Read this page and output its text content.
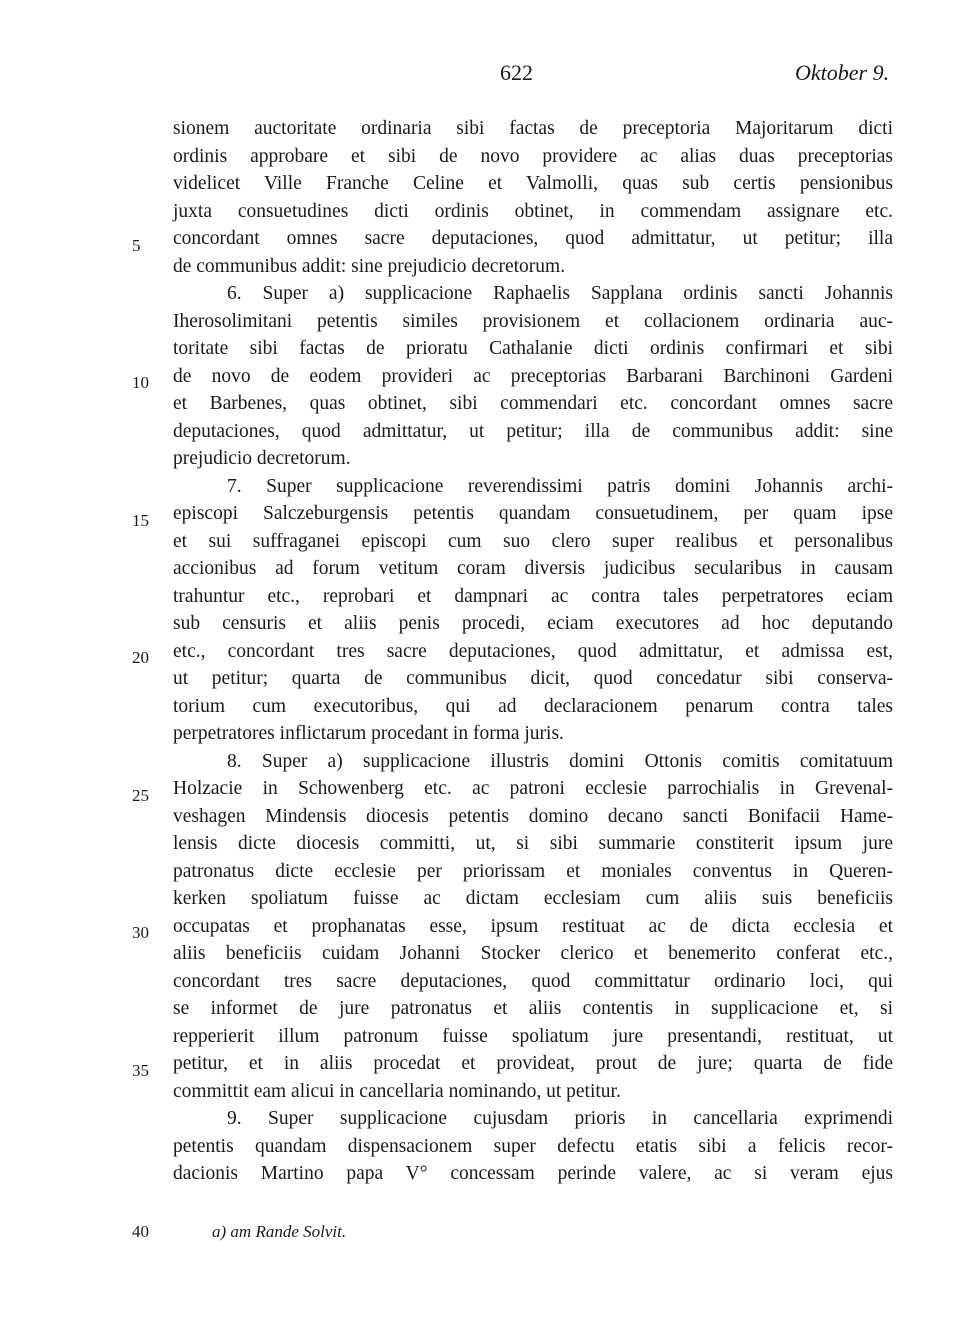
622	Oktober 9.
5
10
15
20
25
30
35
sionem auctoritate ordinaria sibi factas de preceptoria Majoritarum dicti
ordinis approbare et sibi de novo providere ac alias duas preceptorias
videlicet Ville Franche Celine et Valmolli, quas sub certis pensionibus
juxta consuetudines dicti ordinis obtinet, in commendam assignare etc.
concordant omnes sacre deputaciones, quod admittatur, ut petitur; illa
de communibus addit: sine prejudicio decretorum.
6. Super a) supplicacione Raphaelis Sapplana ordinis sancti Johannis
Iherosolimitani petentis similes provisionem et collacionem ordinaria auc-
toritate sibi factas de prioratu Cathalanie dicti ordinis confirmari et sibi
de novo de eodem provideri ac preceptorias Barbarani Barchinoni Gardeni
et Barbenes, quas obtinet, sibi commendari etc. concordant omnes sacre
deputaciones, quod admittatur, ut petitur; illa de communibus addit: sine
prejudicio decretorum.
7. Super supplicacione reverendissimi patris domini Johannis archi-
episcopi Salczeburgensis petentis quandam consuetudinem, per quam ipse
et sui suffraganei episcopi cum suo clero super realibus et personalibus
accionibus ad forum vetitum coram diversis judicibus secularibus in causam
trahuntur etc., reprobari et dampnari ac contra tales perpetratores eciam
sub censuris et aliis penis procedi, eciam executores ad hoc deputando
etc., concordant tres sacre deputaciones, quod admittatur, et admissa est,
ut petitur; quarta de communibus dicit, quod concedatur sibi conserva-
torium cum executoribus, qui ad declaracionem penarum contra tales
perpetratores inflictarum procedant in forma juris.
8. Super a) supplicacione illustris domini Ottonis comitis comitatuum
Holzacie in Schowenberg etc. ac patroni ecclesie parrochialis in Grevenal-
veshagen Mindensis diocesis petentis domino decano sancti Bonifacii Hame-
lensis dicte diocesis committi, ut, si sibi summarie constiterit ipsum jure
patronatus dicte ecclesie per priorissam et moniales conventus in Queren-
kerken spoliatum fuisse ac dictam ecclesiam cum aliis suis beneficiis
occupatas et prophanatas esse, ipsum restituat ac de dicta ecclesia et
aliis beneficiis cuidam Johanni Stocker clerico et benemerito conferat etc.,
concordant tres sacre deputaciones, quod committatur ordinario loci, qui
se informet de jure patronatus et aliis contentis in supplicacione et, si
repperierit illum patronum fuisse spoliatum jure presentandi, restituat, ut
petitur, et in aliis procedat et provideat, prout de jure; quarta de fide
committit eam alicui in cancellaria nominando, ut petitur.
9. Super supplicacione cujusdam prioris in cancellaria exprimendi
petentis quandam dispensacionem super defectu etatis sibi a felicis recor-
dacionis Martino papa V° concessam perinde valere, ac si veram ejus
40	a) am Rande Solvit.
